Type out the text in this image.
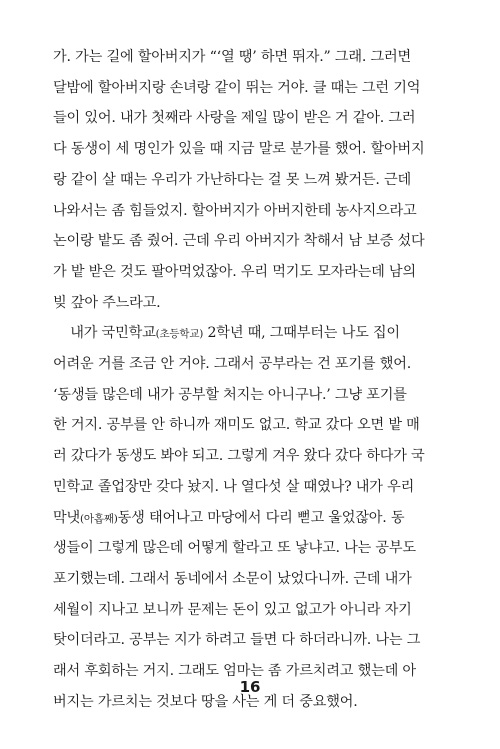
가. 가는 길에 할아버지가 “‘열 땡’ 하면 뛰자.” 그래. 그러면
달밤에 할아버지랑 손녀랑 같이 뛰는 거야. 클 때는 그런 기억
들이 있어. 내가 첫째라 사랑을 제일 많이 받은 거 같아. 그러
다 동생이 세 명인가 있을 때 지금 말로 분가를 했어. 할아버지
랑 같이 살 때는 우리가 가난하다는 걸 못 느껴 봤거든. 근데
나와서는 좀 힘들었지. 할아버지가 아버지한테 농사지으라고
논이랑 밭도 좀 줬어. 근데 우리 아버지가 착해서 남 보증 섰다
가 밭 받은 것도 팔아먹었잖아. 우리 먹기도 모자라는데 남의
빚 갚아 주느라고.
내가 국민학교(초등학교) 2학년 때, 그때부터는 나도 집이
어려운 거를 조금 안 거야. 그래서 공부라는 건 포기를 했어.
‘동생들 많은데 내가 공부할 처지는 아니구나.’ 그냥 포기를
한 거지. 공부를 안 하니까 재미도 없고. 학교 갔다 오면 밭 매
러 갔다가 동생도 봐야 되고. 그렇게 겨우 왔다 갔다 하다가 국
민학교 졸업장만 갖다 놨지. 나 열다섯 살 때였나? 내가 우리
막냇(아홉째)동생 태어나고 마당에서 다리 뻗고 울었잖아. 동
생들이 그렇게 많은데 어떻게 할라고 또 낳냐고. 나는 공부도
포기했는데. 그래서 동네에서 소문이 났었다니까. 근데 내가
세월이 지나고 보니까 문제는 돈이 있고 없고가 아니라 자기
탓이더라고. 공부는 지가 하려고 들면 다 하더라니까. 나는 그
래서 후회하는 거지. 그래도 엄마는 좀 가르치려고 했는데 아
버지는 가르치는 것보다 땅을 사는 게 더 중요했어.
16
